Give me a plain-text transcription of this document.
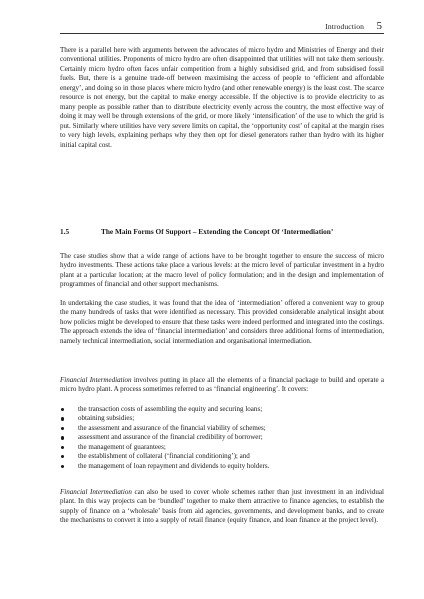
Introduction 5

There is a parallel here with arguments between the advocates of micro hydro and Ministries of Energy and their conventional utilities. Proponents of micro hydro are often disappointed that utilities will not take them seriously. Certainly micro hydro often faces unfair competition from a highly subsidised grid, and from subsidised fossil fuels. But, there is a genuine trade-off between maximising the access of people to ‘efficient and affordable energy’, and doing so in those places where micro hydro (and other renewable energy) is the least cost. The scarce resource is not energy, but the capital to make energy accessible. If the objective is to provide electricity to as many people as possible rather than to distribute electricity evenly across the country, the most effective way of doing it may well be through extensions of the grid, or more likely ‘intensification’ of the use to which the grid is put. Similarly where utilities have very severe limits on capital, the ‘opportunity cost’ of capital at the margin rises to very high levels, explaining perhaps why they then opt for diesel generators rather than hydro with its higher initial capital cost.

1.5	The Main Forms Of Support – Extending the Concept Of ‘Intermediation’

The case studies show that a wide range of actions have to be brought together to ensure the success of micro hydro investments. These actions take place a various levels: at the micro level of particular investment in a hydro plant at a particular location; at the macro level of policy formulation; and in the design and implementation of programmes of financial and other support mechanisms.

In undertaking the case studies, it was found that the idea of ‘intermediation’ offered a convenient way to group the many hundreds of tasks that were identified as necessary. This provided considerable analytical insight about how policies might be developed to ensure that these tasks were indeed performed and integrated into the costings. The approach extends the idea of ‘financial intermediation’ and considers three additional forms of intermediation, namely technical intermediation, social intermediation and organisational intermediation.

Financial Intermediation involves putting in place all the elements of a financial package to build and operate a micro hydro plant. A process sometimes referred to as ‘financial engineering’. It covers:

the transaction costs of assembling the equity and securing loans;
obtaining subsidies;
the assessment and assurance of the financial viability of schemes;
assessment and assurance of the financial credibility of borrower;
the management of guarantees;
the establishment of collateral (‘financial conditioning’); and
the management of loan repayment and dividends to equity holders.

Financial Intermediation can also be used to cover whole schemes rather than just investment in an individual plant. In this way projects can be ‘bundled’ together to make them attractive to finance agencies, to establish the supply of finance on a ‘wholesale’ basis from aid agencies, governments, and development banks, and to create the mechanisms to convert it into a supply of retail finance (equity finance, and loan finance at the project level).
